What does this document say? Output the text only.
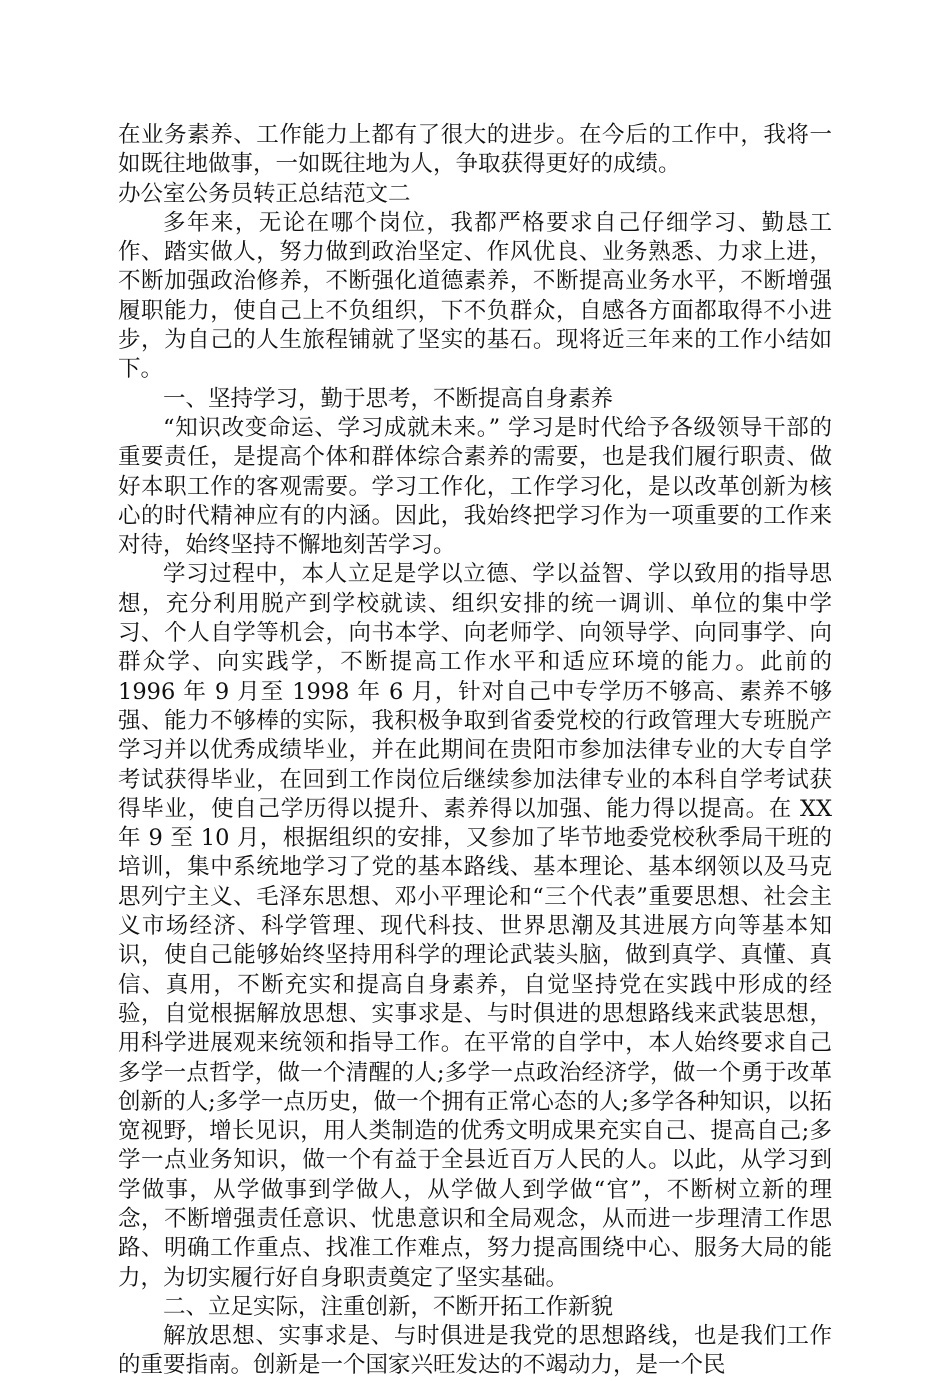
在业务素养、工作能力上都有了很大的进步。在今后的工作中，我将一如既往地做事，一如既往地为人，争取获得更好的成绩。

办公室公务员转正总结范文二

多年来，无论在哪个岗位，我都严格要求自己仔细学习、勤恳工作、踏实做人，努力做到政治坚定、作风优良、业务熟悉、力求上进，不断加强政治修养，不断强化道德素养，不断提高业务水平，不断增强履职能力，使自己上不负组织，下不负群众，自感各方面都取得不小进步，为自己的人生旅程铺就了坚实的基石。现将近三年来的工作小结如下。

一、坚持学习，勤于思考，不断提高自身素养

“知识改变命运、学习成就未来。” 学习是时代给予各级领导干部的重要责任，是提高个体和群体综合素养的需要，也是我们履行职责、做好本职工作的客观需要。学习工作化，工作学习化，是以改革创新为核心的时代精神应有的内涵。因此，我始终把学习作为一项重要的工作来对待，始终坚持不懈地刻苦学习。

学习过程中，本人立足是学以立德、学以益智、学以致用的指导思想，充分利用脱产到学校就读、组织安排的统一调训、单位的集中学习、个人自学等机会，向书本学、向老师学、向领导学、向同事学、向群众学、向实践学，不断提高工作水平和适应环境的能力。此前的 1996 年 9 月至 1998 年 6 月，针对自己中专学历不够高、素养不够强、能力不够棒的实际，我积极争取到省委党校的行政管理大专班脱产学习并以优秀成绩毕业，并在此期间在贵阳市参加法律专业的大专自学考试获得毕业，在回到工作岗位后继续参加法律专业的本科自学考试获得毕业，使自己学历得以提升、素养得以加强、能力得以提高。在 XX 年 9 至 10 月，根据组织的安排，又参加了毕节地委党校秋季局干班的培训，集中系统地学习了党的基本路线、基本理论、基本纲领以及马克思列宁主义、毛泽东思想、邓小平理论和“三个代表”重要思想、社会主义市场经济、科学管理、现代科技、世界思潮及其进展方向等基本知识，使自己能够始终坚持用科学的理论武装头脑，做到真学、真懂、真信、真用，不断充实和提高自身素养，自觉坚持党在实践中形成的经验，自觉根据解放思想、实事求是、与时俱进的思想路线来武装思想，用科学进展观来统领和指导工作。在平常的自学中，本人始终要求自己多学一点哲学，做一个清醒的人;多学一点政治经济学，做一个勇于改革创新的人;多学一点历史，做一个拥有正常心态的人;多学各种知识，以拓宽视野，增长见识，用人类制造的优秀文明成果充实自己、提高自己;多学一点业务知识，做一个有益于全县近百万人民的人。以此，从学习到学做事，从学做事到学做人，从学做人到学做“官”，不断树立新的理念，不断增强责任意识、忧患意识和全局观念，从而进一步理清工作思路、明确工作重点、找准工作难点，努力提高围绕中心、服务大局的能力，为切实履行好自身职责奠定了坚实基础。

二、立足实际，注重创新，不断开拓工作新貌

解放思想、实事求是、与时俱进是我党的思想路线，也是我们工作的重要指南。创新是一个国家兴旺发达的不竭动力，是一个民
